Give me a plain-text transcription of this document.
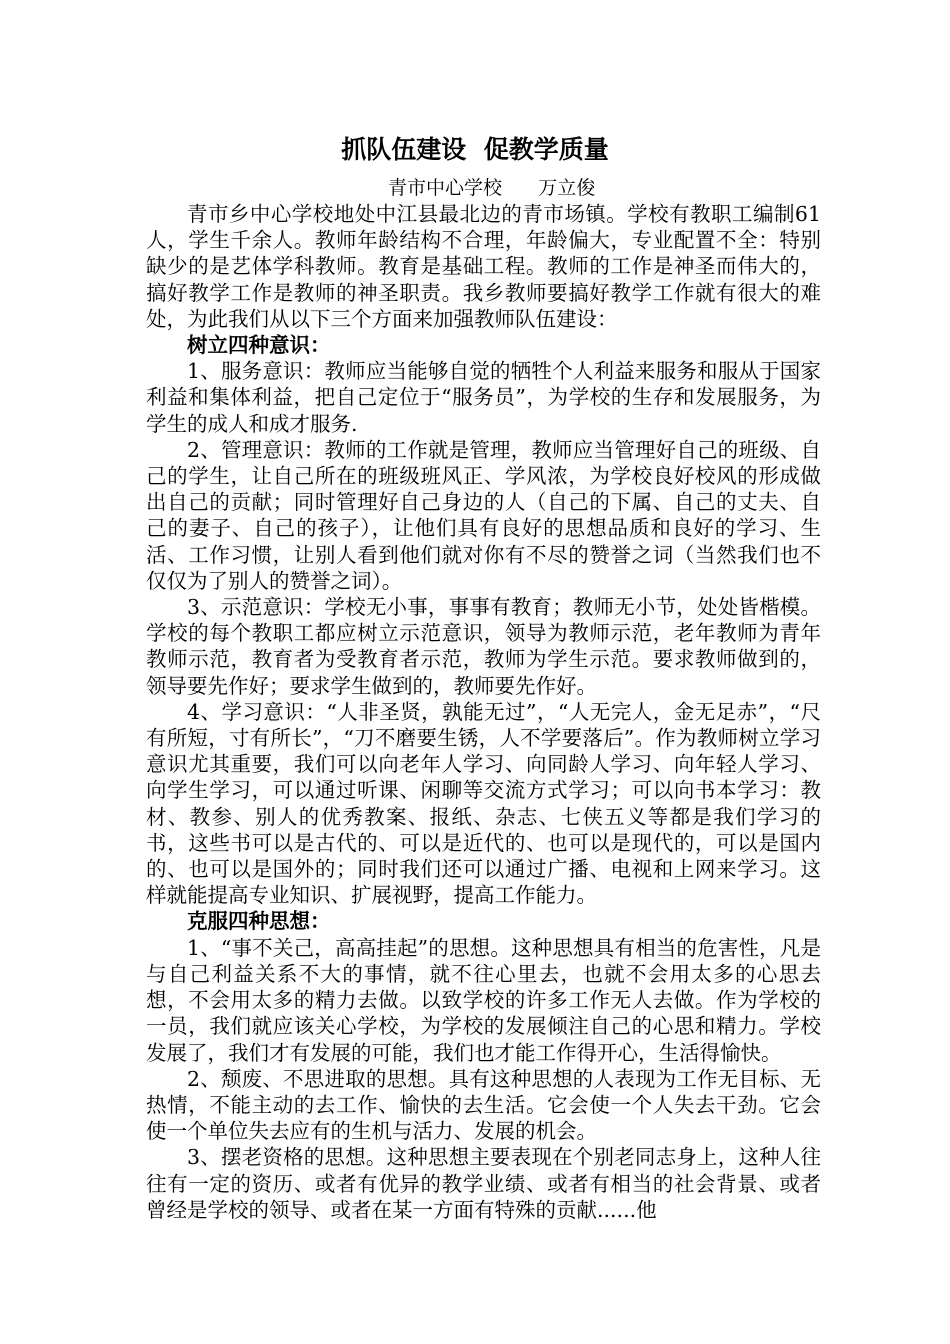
抓队伍建设  促教学质量
青市中心学校      万立俊

青市乡中心学校地处中江县最北边的青市场镇。学校有教职工编制61人，学生千余人。教师年龄结构不合理，年龄偏大，专业配置不全：特别缺少的是艺体学科教师。教育是基础工程。教师的工作是神圣而伟大的，搞好教学工作是教师的神圣职责。我乡教师要搞好教学工作就有很大的难处，为此我们从以下三个方面来加强教师队伍建设：

树立四种意识：

1、服务意识：教师应当能够自觉的牺牲个人利益来服务和服从于国家利益和集体利益，把自己定位于“服务员”，为学校的生存和发展服务，为学生的成人和成才服务.

2、管理意识：教师的工作就是管理，教师应当管理好自己的班级、自己的学生，让自己所在的班级班风正、学风浓，为学校良好校风的形成做出自己的贡献；同时管理好自己身边的人（自己的下属、自己的丈夫、自己的妻子、自己的孩子），让他们具有良好的思想品质和良好的学习、生活、工作习惯，让别人看到他们就对你有不尽的赞誉之词（当然我们也不仅仅为了别人的赞誉之词）。

3、示范意识：学校无小事，事事有教育；教师无小节，处处皆楷模。学校的每个教职工都应树立示范意识，领导为教师示范，老年教师为青年教师示范，教育者为受教育者示范，教师为学生示范。要求教师做到的，领导要先作好；要求学生做到的，教师要先作好。

4、学习意识：“人非圣贤，孰能无过”，“人无完人，金无足赤”，“尺有所短，寸有所长”，“刀不磨要生锈，人不学要落后”。作为教师树立学习意识尤其重要，我们可以向老年人学习、向同龄人学习、向年轻人学习、向学生学习，可以通过听课、闲聊等交流方式学习；可以向书本学习：教材、教参、别人的优秀教案、报纸、杂志、七侠五义等都是我们学习的书，这些书可以是古代的、可以是近代的、也可以是现代的，可以是国内的、也可以是国外的；同时我们还可以通过广播、电视和上网来学习。这样就能提高专业知识、扩展视野，提高工作能力。

克服四种思想：

1、“事不关己，高高挂起”的思想。这种思想具有相当的危害性，凡是与自己利益关系不大的事情，就不往心里去，也就不会用太多的心思去想，不会用太多的精力去做。以致学校的许多工作无人去做。作为学校的一员，我们就应该关心学校，为学校的发展倾注自己的心思和精力。学校发展了，我们才有发展的可能，我们也才能工作得开心，生活得愉快。

2、颓废、不思进取的思想。具有这种思想的人表现为工作无目标、无热情，不能主动的去工作、愉快的去生活。它会使一个人失去干劲。它会使一个单位失去应有的生机与活力、发展的机会。

3、摆老资格的思想。这种思想主要表现在个别老同志身上，这种人往往有一定的资历、或者有优异的教学业绩、或者有相当的社会背景、或者曾经是学校的领导、或者在某一方面有特殊的贡献......他
